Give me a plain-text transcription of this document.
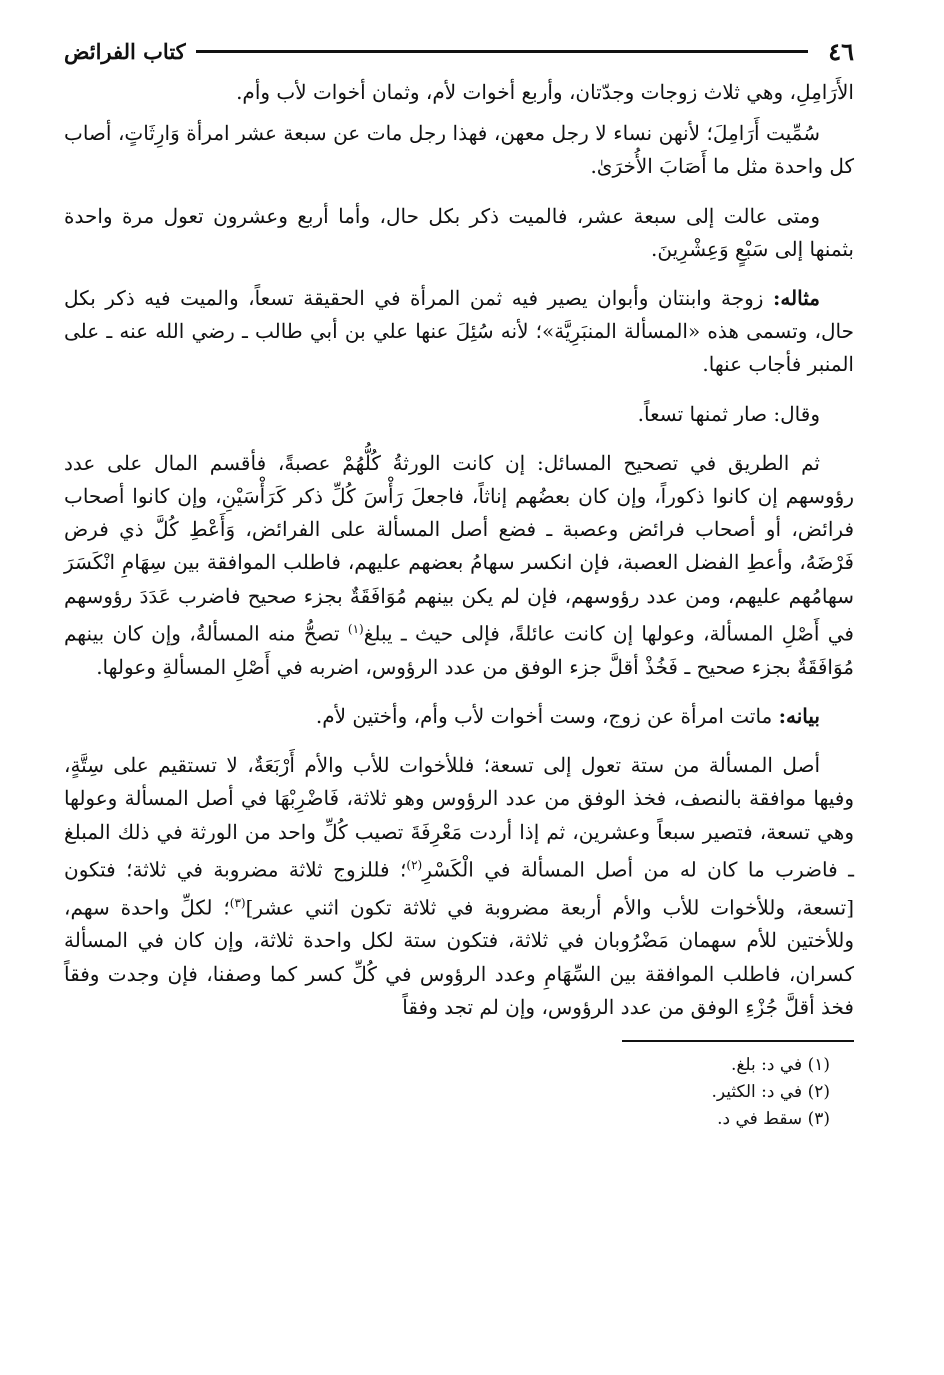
٤٦
كتاب الفرائض

الأَرَامِلِ، وهي ثلاث زوجات وجدّتان، وأربع أخوات لأم، وثمان أخوات لأب وأم.

سُمِّيت أَرَامِلَ؛ لأنهن نساء لا رجل معهن، فهذا رجل مات عن سبعة عشر امرأة وَارِثَاتٍ، أصاب كل واحدة مثل ما أَصَابَ الأُخرَىٰ.

ومتى عالت إلى سبعة عشر، فالميت ذكر بكل حال، وأما أربع وعشرون تعول مرة واحدة بثمنها إلى سَبْعٍ وَعِشْرِينَ.

مثاله: زوجة وابنتان وأبوان يصير فيه ثمن المرأة في الحقيقة تسعاً، والميت فيه ذكر بكل حال، وتسمى هذه «المسألة المنبَرِيَّة»؛ لأنه سُئِلَ عنها علي بن أبي طالب ـ رضي الله عنه ـ على المنبر فأجاب عنها.

وقال: صار ثمنها تسعاً.

ثم الطريق في تصحيح المسائل: إن كانت الورثةُ كُلُّهُمْ عصبةً، فأقسم المال على عدد رؤوسهم إن كانوا ذكوراً، وإن كان بعضُهم إناثاً، فاجعلَ رَأْسَ كُلِّ ذكر كَرَأْسَيْنِ، وإن كانوا أصحاب فرائض، أو أصحاب فرائض وعصبة ـ فضع أصل المسألة على الفرائض، وَأَعْطِ كُلَّ ذي فرض فَرْضَهُ، وأعطِ الفضل العصبة، فإن انكسر سهامُ بعضهم عليهم، فاطلب الموافقة بين سِهَامِ انْكَسَرَ سهامُهم عليهم، ومن عدد رؤوسهم، فإن لم يكن بينهم مُوَافَقَةٌ بجزء صحيح فاضرب عَدَدَ رؤوسهم في أَصْلِ المسألة، وعولها إن كانت عائلةً، فإلى حيث ـ يبلغ$^{(١)}$ تصحُّ منه المسألةُ، وإن كان بينهم مُوَافَقَةٌ بجزء صحيح ـ فَخُذْ أقلَّ جزء الوفق من عدد الرؤوس، اضربه في أَصْلِ المسألةِ وعولها.

بيانه: ماتت امرأة عن زوج، وست أخوات لأب وأم، وأختين لأم.

أصل المسألة من ستة تعول إلى تسعة؛ فللأخوات للأب والأم أَرْبَعَةٌ، لا تستقيم على سِتَّةٍ، وفيها موافقة بالنصف، فخذ الوفق من عدد الرؤوس وهو ثلاثة، فَاضْرِبْهَا في أصل المسألة وعولها وهي تسعة، فتصير سبعاً وعشرين، ثم إذا أردت مَعْرِفَةَ تصيب كُلِّ واحد من الورثة في ذلك المبلغ ـ فاضرب ما كان له من أصل المسألة في الْكَسْرِ$^{(٢)}$؛ فللزوج ثلاثة مضروبة في ثلاثة؛ فتكون [تسعة، وللأخوات للأب والأم أربعة مضروبة في ثلاثة تكون اثني عشر]$^{(٣)}$؛ لكلِّ واحدة سهم، وللأختين للأم سهمان مَضْرُوبان في ثلاثة، فتكون ستة لكل واحدة ثلاثة، وإن كان في المسألة كسران، فاطلب الموافقة بين السِّهَامِ وعدد الرؤوس في كُلِّ كسر كما وصفنا، فإن وجدت وفقاً فخذ أقلَّ جُزْءِ الوفق من عدد الرؤوس، وإن لم تجد وفقاً

(١) في د: بلغ.
(٢) في د: الكثير.
(٣) سقط في د.
